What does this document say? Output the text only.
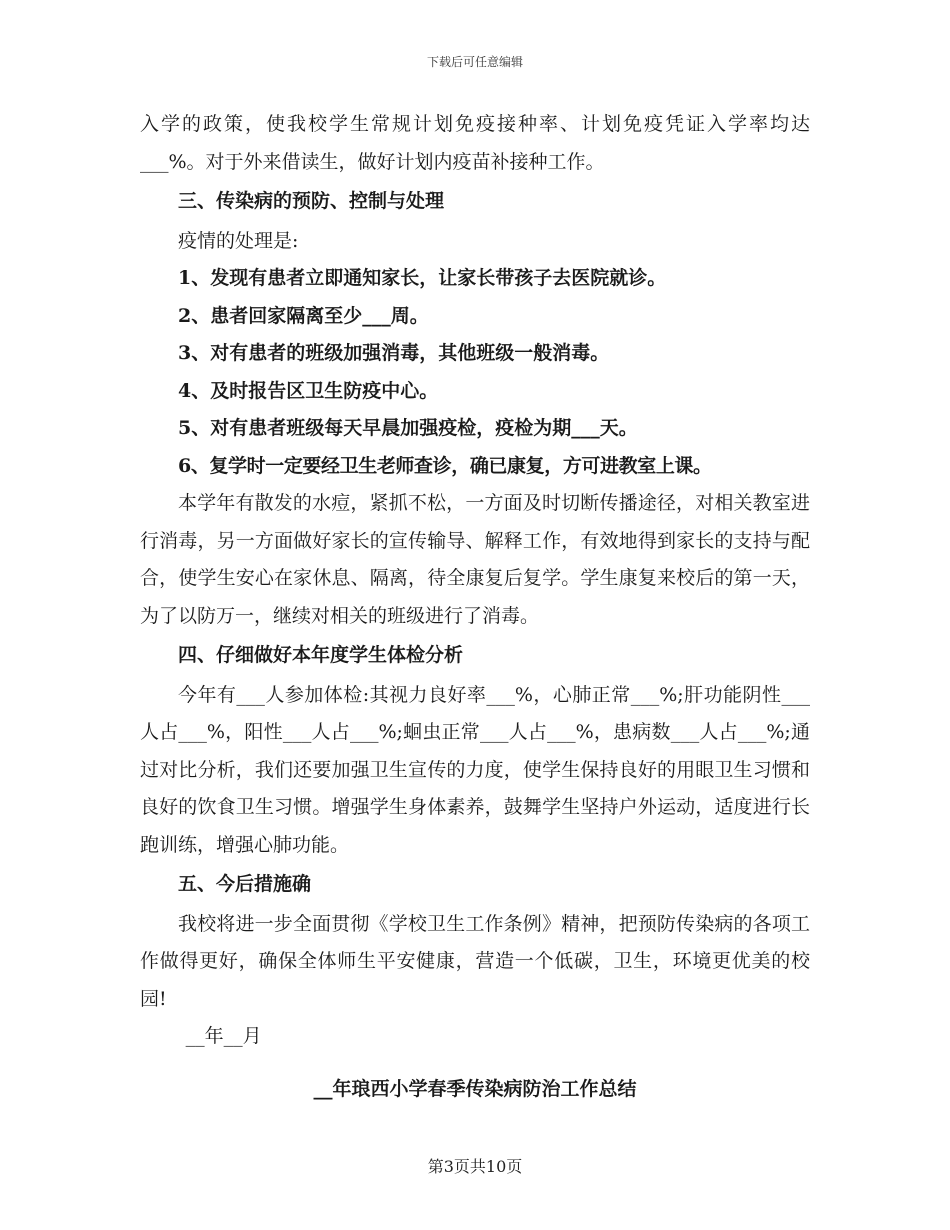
下载后可任意编辑

入学的政策，使我校学生常规计划免疫接种率、计划免疫凭证入学率均达___%。对于外来借读生，做好计划内疫苗补接种工作。

三、传染病的预防、控制与处理

疫情的处理是:

1、发现有患者立即通知家长，让家长带孩子去医院就诊。

2、患者回家隔离至少___周。

3、对有患者的班级加强消毒，其他班级一般消毒。

4、及时报告区卫生防疫中心。

5、对有患者班级每天早晨加强疫检，疫检为期___天。

6、复学时一定要经卫生老师查诊，确已康复，方可进教室上课。

本学年有散发的水痘，紧抓不松，一方面及时切断传播途径，对相关教室进行消毒，另一方面做好家长的宣传输导、解释工作，有效地得到家长的支持与配合，使学生安心在家休息、隔离，待全康复后复学。学生康复来校后的第一天，为了以防万一，继续对相关的班级进行了消毒。

四、仔细做好本年度学生体检分析

今年有___人参加体检:其视力良好率___%，心肺正常___%;肝功能阴性___人占___%，阳性___人占___%;蛔虫正常___人占___%，患病数___人占___%;通过对比分析，我们还要加强卫生宣传的力度，使学生保持良好的用眼卫生习惯和良好的饮食卫生习惯。增强学生身体素养，鼓舞学生坚持户外运动，适度进行长跑训练，增强心肺功能。

五、今后措施确

我校将进一步全面贯彻《学校卫生工作条例》精神，把预防传染病的各项工作做得更好，确保全体师生平安健康，营造一个低碳，卫生，环境更优美的校园!

__年__月

__年琅西小学春季传染病防治工作总结
第3页共10页
